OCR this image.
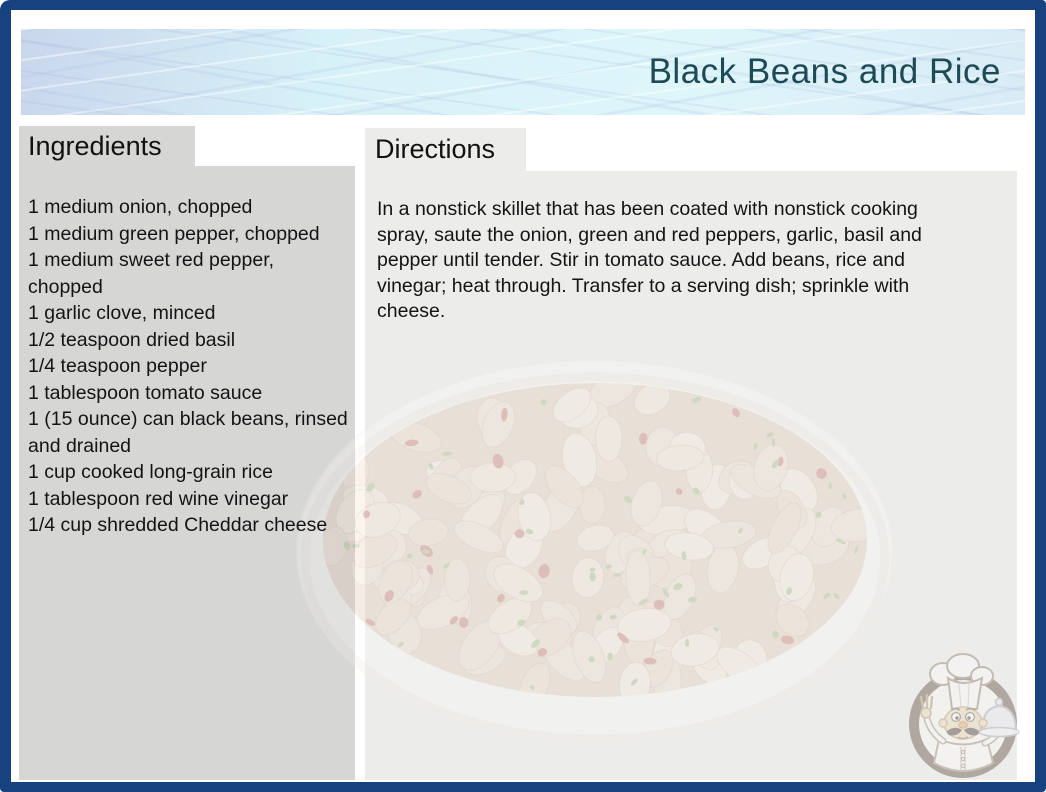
Black Beans and Rice
Ingredients	Directions
1 medium onion, chopped
1 medium green pepper, chopped
1 medium sweet red pepper, chopped
1 garlic clove, minced
1/2 teaspoon dried basil
1/4 teaspoon pepper
1 tablespoon tomato sauce
1 (15 ounce) can black beans, rinsed and drained
1 cup cooked long-grain rice
1 tablespoon red wine vinegar
1/4 cup shredded Cheddar cheese
In a nonstick skillet that has been coated with nonstick cooking spray, saute the onion, green and red peppers, garlic, basil and pepper until tender. Stir in tomato sauce. Add beans, rice and vinegar; heat through. Transfer to a serving dish; sprinkle with cheese.
